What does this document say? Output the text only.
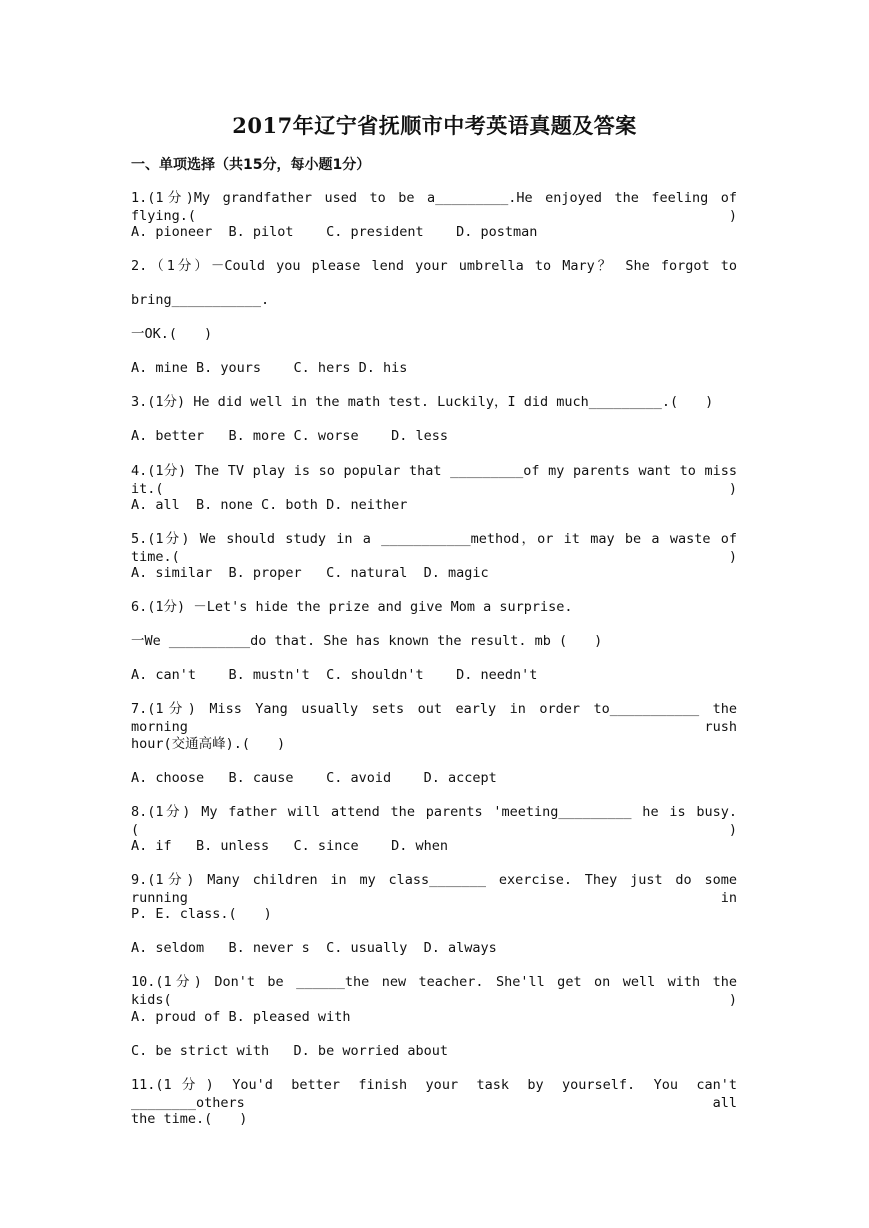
2017年辽宁省抚顺市中考英语真题及答案
一、单项选择（共15分，每小题1分）
1.(1分)My grandfather used to be a_________.He enjoyed the feeling of flying.(　　)
A. pioneer  B. pilot    C. president    D. postman
2.（1分）－Could you please lend your umbrella to Mary？ She forgot to
bring___________.
一OK.(　　)
A. mine B. yours    C. hers D. his
3.(1分) He did well in the math test. Luckily，I did much_________.(　　)
A. better   B. more C. worse    D. less
4.(1分) The TV play is so popular that _________of my parents want to miss it.(　　)
A. all  B. none C. both D. neither
5.(1分) We should study in a ___________method，or it may be a waste of time.(　　)
A. similar  B. proper   C. natural  D. magic
6.(1分) －Let's hide the prize and give Mom a surprise.
一We __________do that. She has known the result. mb (　　)
A. can't    B. mustn't  C. shouldn't    D. needn't
7.(1分) Miss Yang usually sets out early in order to___________ the morning rush
hour(交通高峰).(　　)
A. choose   B. cause    C. avoid    D. accept
8.(1分) My father will attend the parents 'meeting_________ he is busy.(　　)
A. if   B. unless   C. since    D. when
9.(1分) Many children in my class_______ exercise. They just do some running in
P. E. class.(　　)
A. seldom   B. never s  C. usually  D. always
10.(1分) Don't be ______the new teacher. She'll get on well with the kids(　　)
A. proud of B. pleased with
C. be strict with   D. be worried about
11.(1分) You'd better finish your task by yourself. You can't ________others all
the time.(　　)
